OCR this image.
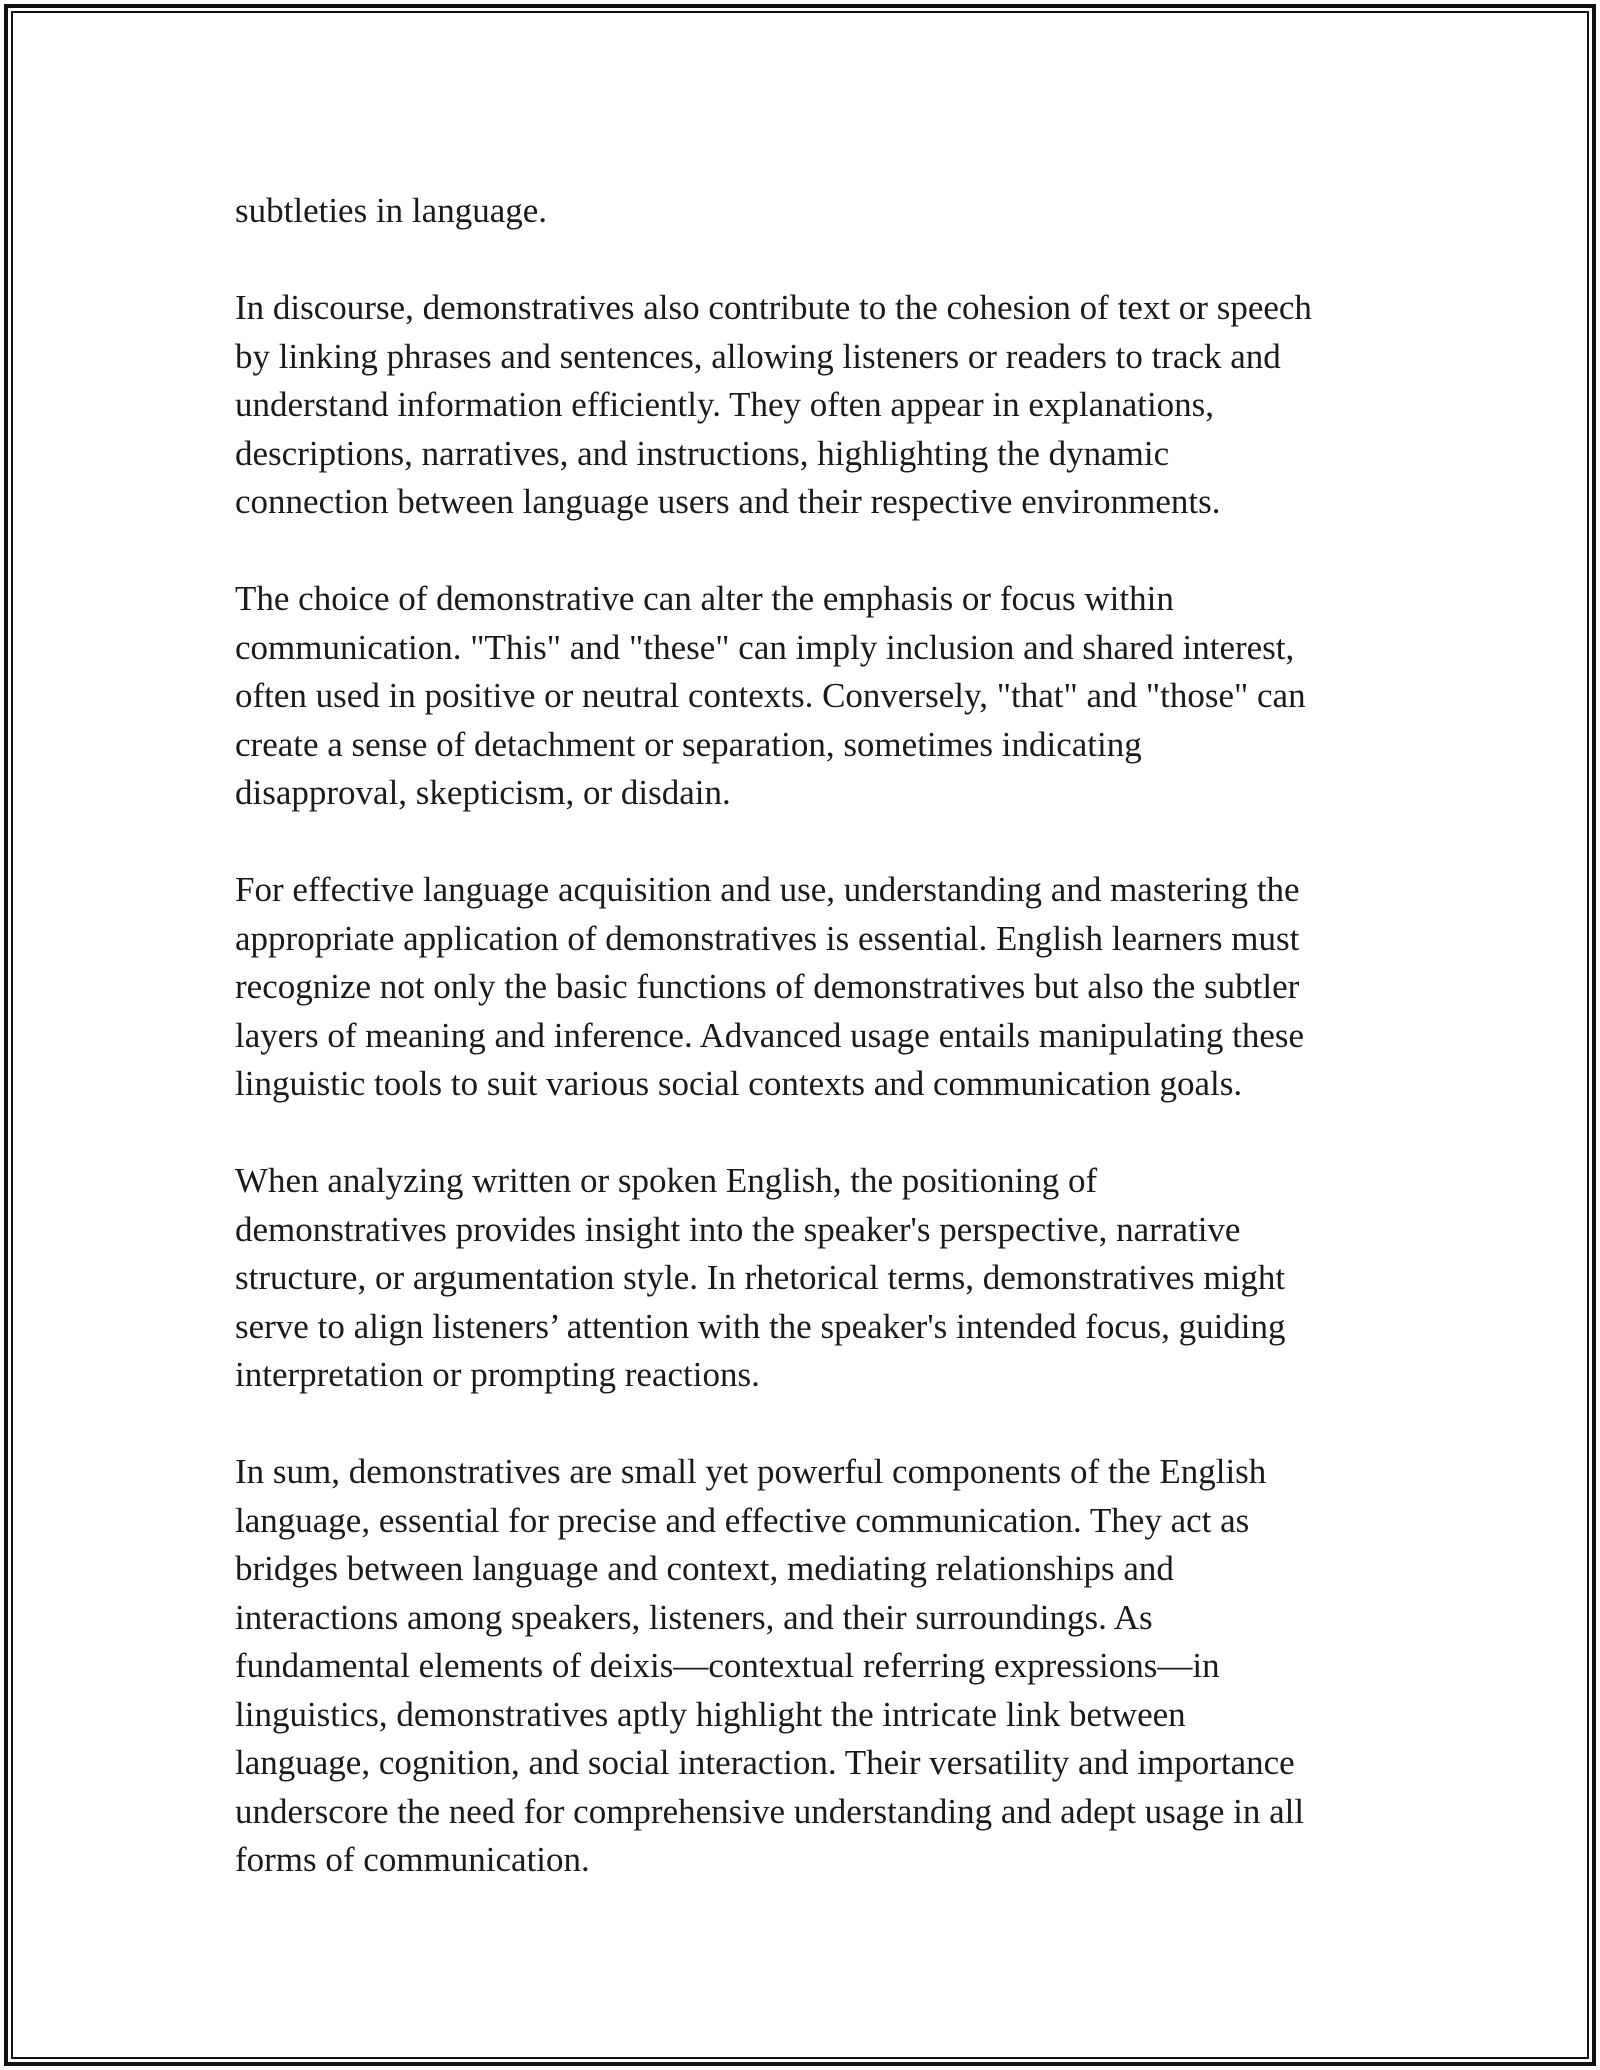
subtleties in language.

In discourse, demonstratives also contribute to the cohesion of text or speech
by linking phrases and sentences, allowing listeners or readers to track and
understand information efficiently. They often appear in explanations,
descriptions, narratives, and instructions, highlighting the dynamic
connection between language users and their respective environments.

The choice of demonstrative can alter the emphasis or focus within
communication. "This" and "these" can imply inclusion and shared interest,
often used in positive or neutral contexts. Conversely, "that" and "those" can
create a sense of detachment or separation, sometimes indicating
disapproval, skepticism, or disdain.

For effective language acquisition and use, understanding and mastering the
appropriate application of demonstratives is essential. English learners must
recognize not only the basic functions of demonstratives but also the subtler
layers of meaning and inference. Advanced usage entails manipulating these
linguistic tools to suit various social contexts and communication goals.

When analyzing written or spoken English, the positioning of
demonstratives provides insight into the speaker's perspective, narrative
structure, or argumentation style. In rhetorical terms, demonstratives might
serve to align listeners’ attention with the speaker's intended focus, guiding
interpretation or prompting reactions.

In sum, demonstratives are small yet powerful components of the English
language, essential for precise and effective communication. They act as
bridges between language and context, mediating relationships and
interactions among speakers, listeners, and their surroundings. As
fundamental elements of deixis—contextual referring expressions—in
linguistics, demonstratives aptly highlight the intricate link between
language, cognition, and social interaction. Their versatility and importance
underscore the need for comprehensive understanding and adept usage in all
forms of communication.
